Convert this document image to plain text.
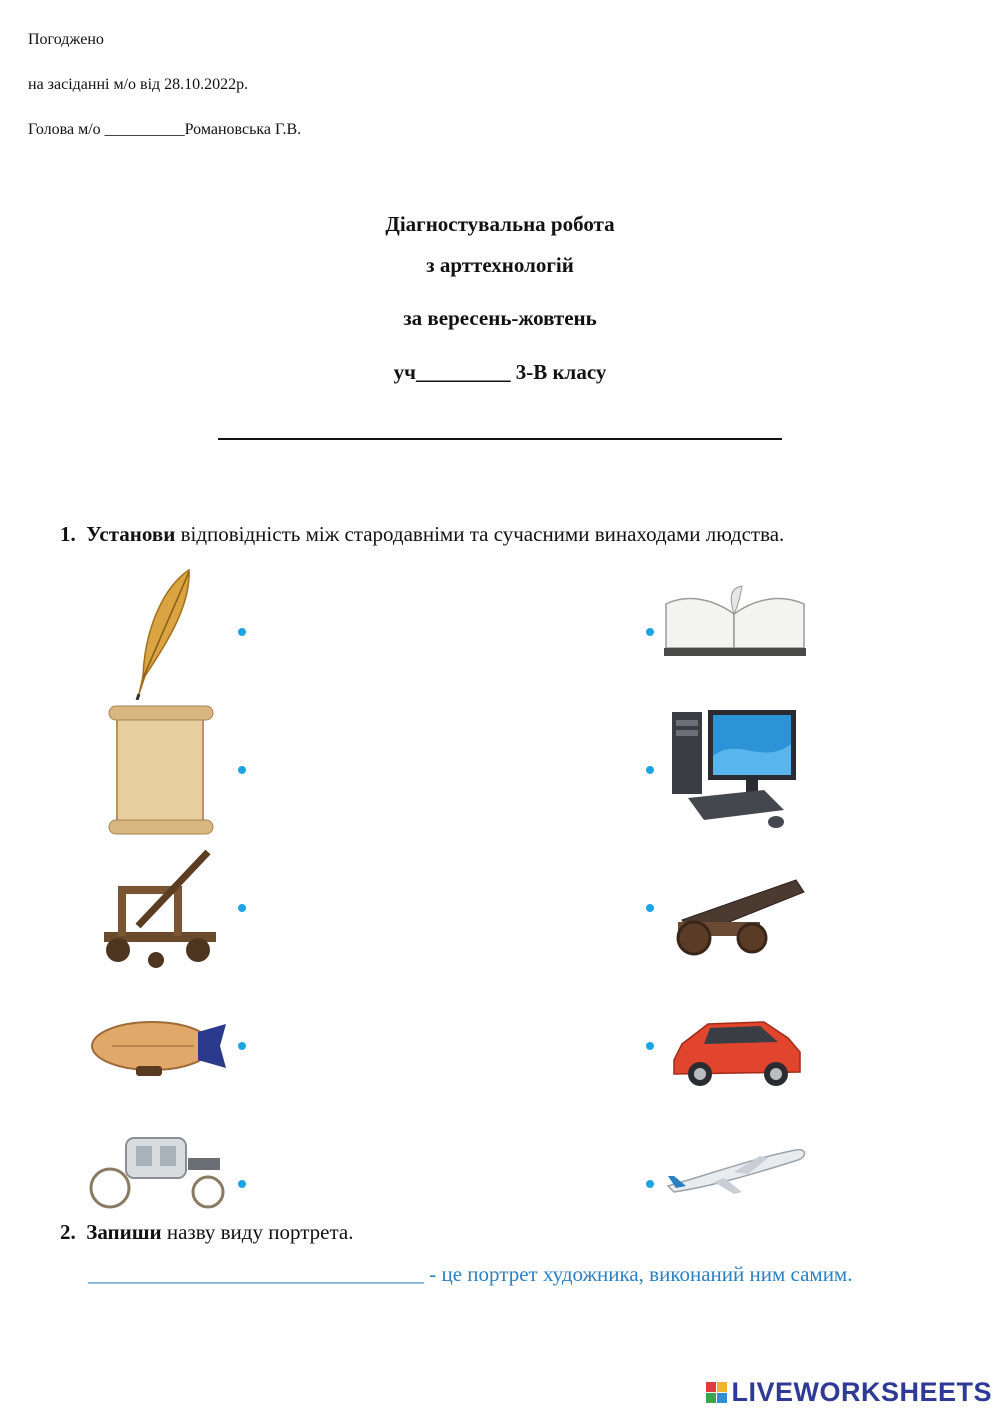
Погоджено
на засіданні м/о від 28.10.2022р.
Голова м/о __________Романовська Г.В.
Діагностувальна робота
з арттехнологій
за вересень-жовтень
уч_________ 3-В класу
1. Установи відповідність між стародавніми та сучасними винаходами людства.
2. Запиши назву виду портрета.
________________________________ - це портрет художника, виконаний ним самим.
LIVEWORKSHEETS
